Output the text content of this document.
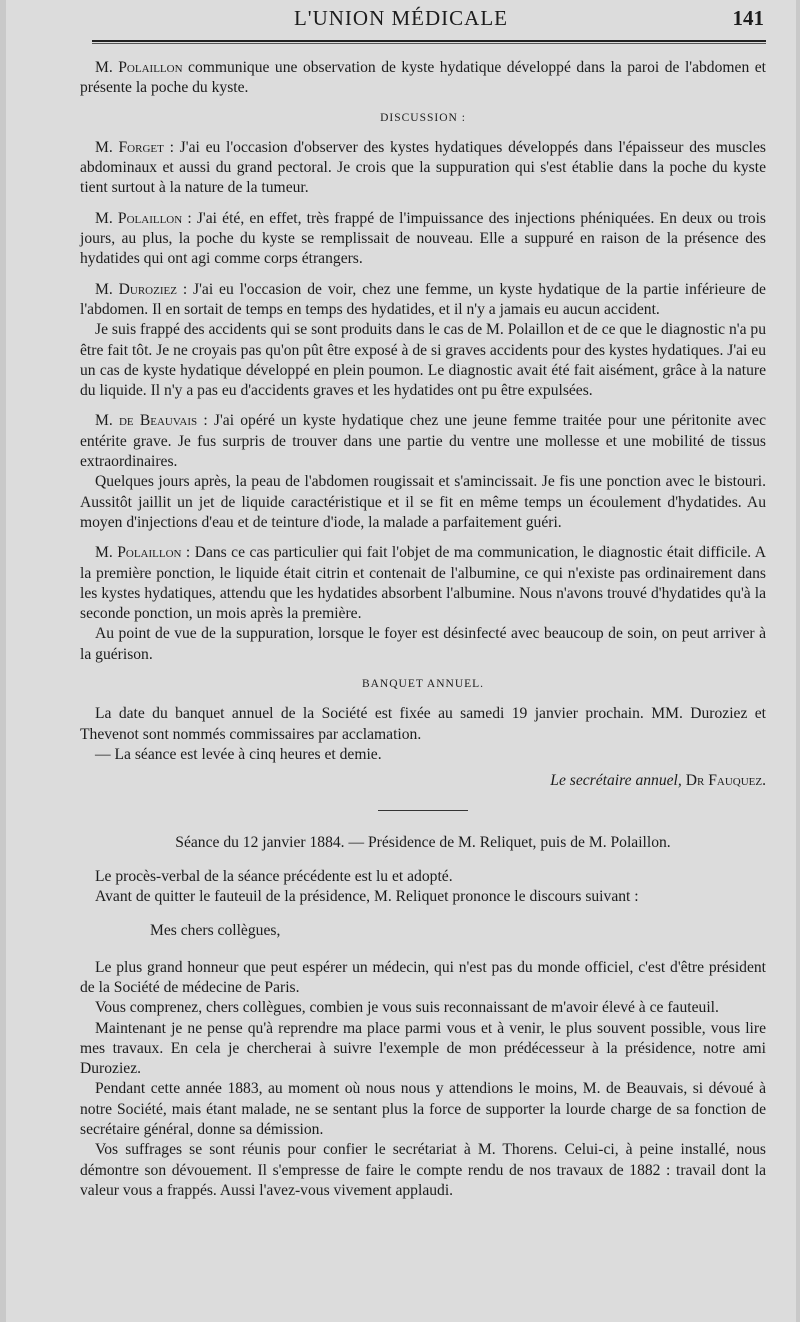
L'UNION MÉDICALE	141

M. Polaillon communique une observation de kyste hydatique développé dans la paroi de l'abdomen et présente la poche du kyste.

DISCUSSION :

M. Forget : J'ai eu l'occasion d'observer des kystes hydatiques développés dans l'épaisseur des muscles abdominaux et aussi du grand pectoral. Je crois que la suppuration qui s'est établie dans la poche du kyste tient surtout à la nature de la tumeur.

M. Polaillon : J'ai été, en effet, très frappé de l'impuissance des injections phéniquées. En deux ou trois jours, au plus, la poche du kyste se remplissait de nouveau. Elle a suppuré en raison de la présence des hydatides qui ont agi comme corps étrangers.

M. Duroziez : J'ai eu l'occasion de voir, chez une femme, un kyste hydatique de la partie inférieure de l'abdomen. Il en sortait de temps en temps des hydatides, et il n'y a jamais eu aucun accident.

Je suis frappé des accidents qui se sont produits dans le cas de M. Polaillon et de ce que le diagnostic n'a pu être fait tôt. Je ne croyais pas qu'on pût être exposé à de si graves accidents pour des kystes hydatiques. J'ai eu un cas de kyste hydatique développé en plein poumon. Le diagnostic avait été fait aisément, grâce à la nature du liquide. Il n'y a pas eu d'accidents graves et les hydatides ont pu être expulsées.

M. de Beauvais : J'ai opéré un kyste hydatique chez une jeune femme traitée pour une péritonite avec entérite grave. Je fus surpris de trouver dans une partie du ventre une mollesse et une mobilité de tissus extraordinaires.

Quelques jours après, la peau de l'abdomen rougissait et s'amincissait. Je fis une ponction avec le bistouri. Aussitôt jaillit un jet de liquide caractéristique et il se fit en même temps un écoulement d'hydatides. Au moyen d'injections d'eau et de teinture d'iode, la malade a parfaitement guéri.

M. Polaillon : Dans ce cas particulier qui fait l'objet de ma communication, le diagnostic était difficile. A la première ponction, le liquide était citrin et contenait de l'albumine, ce qui n'existe pas ordinairement dans les kystes hydatiques, attendu que les hydatides absorbent l'albumine. Nous n'avons trouvé d'hydatides qu'à la seconde ponction, un mois après la première.

Au point de vue de la suppuration, lorsque le foyer est désinfecté avec beaucoup de soin, on peut arriver à la guérison.

BANQUET ANNUEL.

La date du banquet annuel de la Société est fixée au samedi 19 janvier prochain. MM. Duroziez et Thevenot sont nommés commissaires par acclamation.

— La séance est levée à cinq heures et demie.

Le secrétaire annuel, Dr Fauquez.

Séance du 12 janvier 1884. — Présidence de M. Reliquet, puis de M. Polaillon.

Le procès-verbal de la séance précédente est lu et adopté.

Avant de quitter le fauteuil de la présidence, M. Reliquet prononce le discours suivant :

Mes chers collègues,

Le plus grand honneur que peut espérer un médecin, qui n'est pas du monde officiel, c'est d'être président de la Société de médecine de Paris.

Vous comprenez, chers collègues, combien je vous suis reconnaissant de m'avoir élevé à ce fauteuil.

Maintenant je ne pense qu'à reprendre ma place parmi vous et à venir, le plus souvent possible, vous lire mes travaux. En cela je chercherai à suivre l'exemple de mon prédécesseur à la présidence, notre ami Duroziez.

Pendant cette année 1883, au moment où nous nous y attendions le moins, M. de Beauvais, si dévoué à notre Société, mais étant malade, ne se sentant plus la force de supporter la lourde charge de sa fonction de secrétaire général, donne sa démission.

Vos suffrages se sont réunis pour confier le secrétariat à M. Thorens. Celui-ci, à peine installé, nous démontre son dévouement. Il s'empresse de faire le compte rendu de nos travaux de 1882 : travail dont la valeur vous a frappés. Aussi l'avez-vous vivement applaudi.
